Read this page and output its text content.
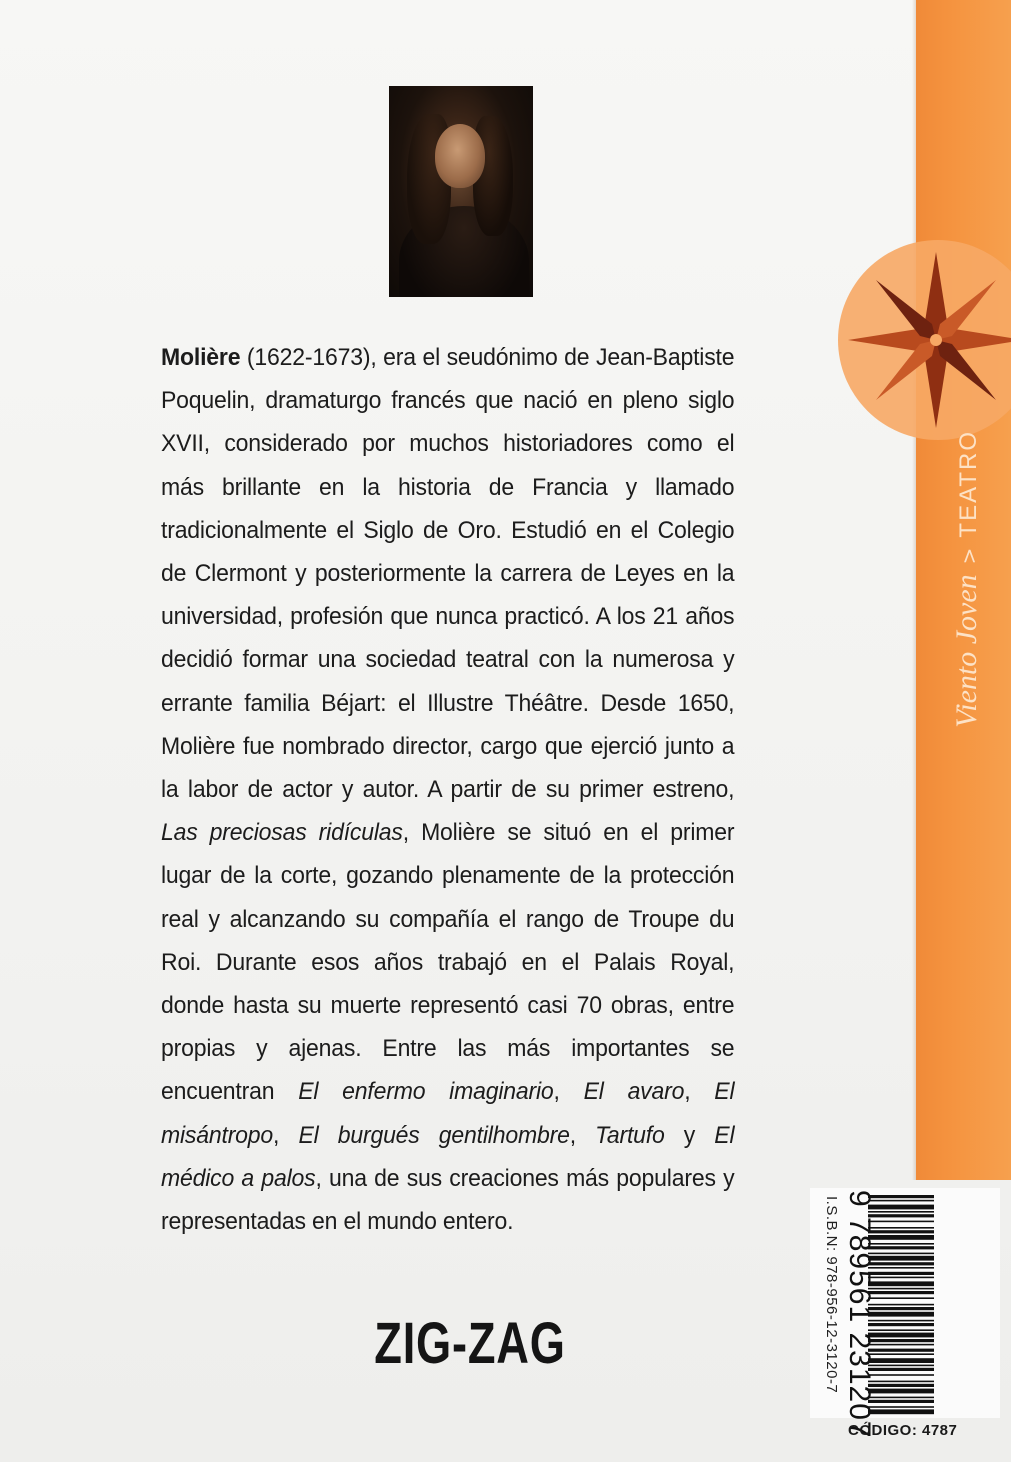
Molière (1622-1673), era el seudónimo de Jean-Baptiste Poquelin, dramaturgo francés que nació en pleno siglo XVII, considerado por muchos historiadores como el más brillante en la historia de Francia y llamado tradicionalmente el Siglo de Oro. Estudió en el Colegio de Clermont y posteriormente la carrera de Leyes en la universidad, profesión que nunca practicó. A los 21 años decidió formar una sociedad teatral con la numerosa y errante familia Béjart: el Illustre Théâtre. Desde 1650, Molière fue nombrado director, cargo que ejerció junto a la labor de actor y autor. A partir de su primer estreno, Las preciosas ridículas, Molière se situó en el primer lugar de la corte, gozando plenamente de la protección real y alcanzando su compañía el rango de Troupe du Roi. Durante esos años trabajó en el Palais Royal, donde hasta su muerte representó casi 70 obras, entre propias y ajenas. Entre las más importantes se encuentran El enfermo imaginario, El avaro, El misántropo, El burgués gentilhombre, Tartufo y El médico a palos, una de sus creaciones más populares y representadas en el mundo entero.

ZIG-ZAG
Viento Joven>TEATRO
I.S.B.N: 978-956-12-3120-7 9 789561 231207
CÓDIGO: 4787
